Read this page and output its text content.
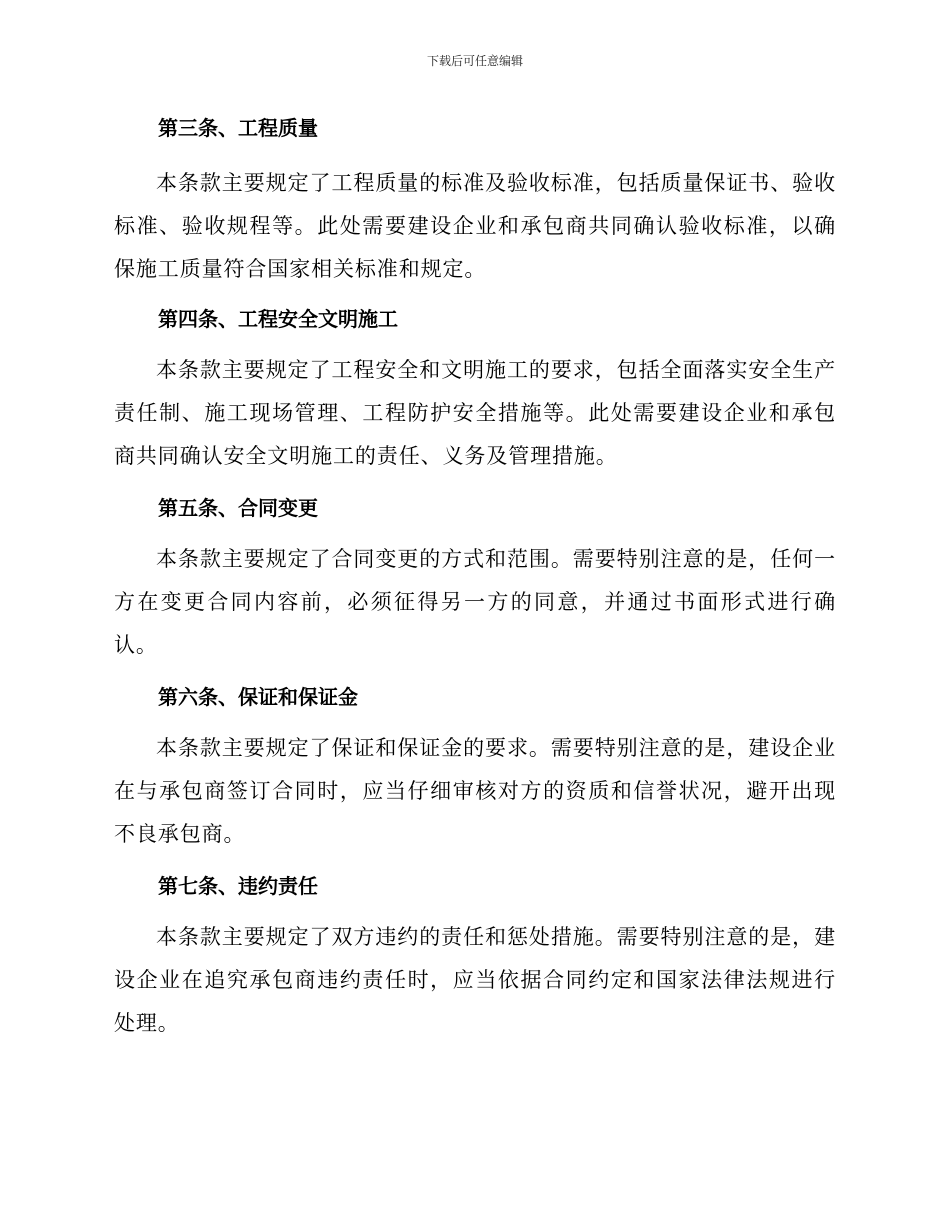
下载后可任意编辑
第三条、工程质量

本条款主要规定了工程质量的标准及验收标准，包括质量保证书、验收标准、验收规程等。此处需要建设企业和承包商共同确认验收标准，以确保施工质量符合国家相关标准和规定。

第四条、工程安全文明施工

本条款主要规定了工程安全和文明施工的要求，包括全面落实安全生产责任制、施工现场管理、工程防护安全措施等。此处需要建设企业和承包商共同确认安全文明施工的责任、义务及管理措施。

第五条、合同变更

本条款主要规定了合同变更的方式和范围。需要特别注意的是，任何一方在变更合同内容前，必须征得另一方的同意，并通过书面形式进行确认。

第六条、保证和保证金

本条款主要规定了保证和保证金的要求。需要特别注意的是，建设企业在与承包商签订合同时，应当仔细审核对方的资质和信誉状况，避开出现不良承包商。

第七条、违约责任

本条款主要规定了双方违约的责任和惩处措施。需要特别注意的是，建设企业在追究承包商违约责任时，应当依据合同约定和国家法律法规进行处理。
